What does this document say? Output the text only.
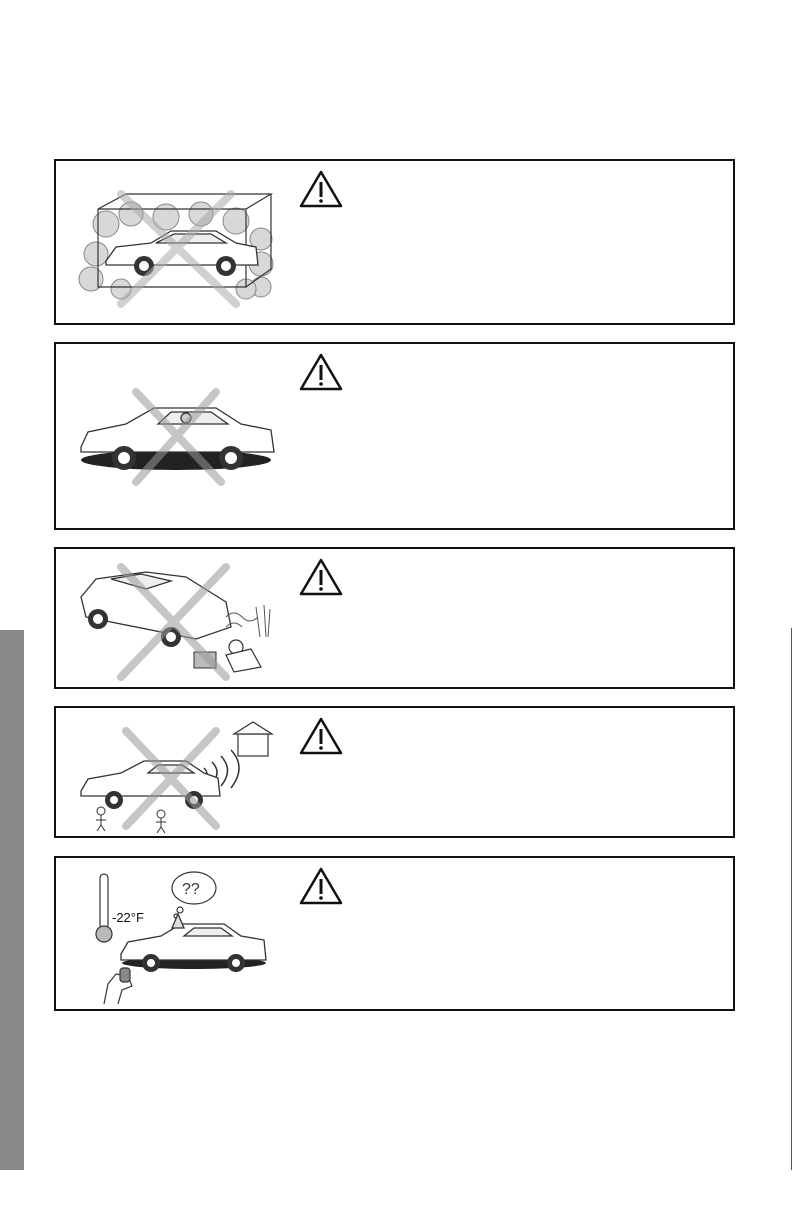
-22°F
??
